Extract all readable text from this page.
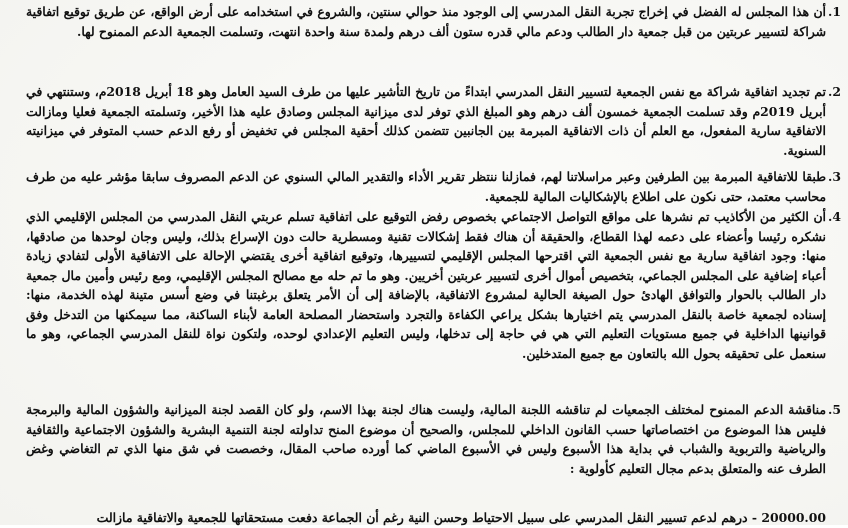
.1
أن هذا المجلس له الفضل في إخراج تجربة النقل المدرسي إلى الوجود منذ حوالي سنتين، والشروع في استخدامه على أرض الواقع، عن طريق توقيع اتفاقية شراكة لتسيير عربتين من قبل جمعية دار الطالب ودعم مالي قدره ستون ألف درهم ولمدة سنة واحدة انتهت، وتسلمت الجمعية الدعم الممنوح لها.
.2
تم تجديد اتفاقية شراكة مع نفس الجمعية لتسيير النقل المدرسي ابتداءً من تاريخ التأشير عليها من طرف السيد العامل وهو 18 أبريل 2018م، وستنتهي في أبريل 2019م وقد تسلمت الجمعية خمسون ألف درهم وهو المبلغ الذي توفر لدى ميزانية المجلس وصادق عليه هذا الأخير، وتسلمته الجمعية فعليا ومازالت الاتفاقية سارية المفعول، مع العلم أن ذات الاتفاقية المبرمة بين الجانبين تتضمن كذلك أحقية المجلس في تخفيض أو رفع الدعم حسب المتوفر في ميزانيته السنوية.
.3
طبقا للاتفاقية المبرمة بين الطرفين وعبر مراسلاتنا لهم، فمازلنا ننتظر تقرير الأداء والتقدير المالي السنوي عن الدعم المصروف سابقا مؤشر عليه من طرف محاسب معتمد، حتى نكون على اطلاع بالإشكاليات المالية للجمعية.
.4
أن الكثير من الأكاذيب تم نشرها على مواقع التواصل الاجتماعي بخصوص رفض التوقيع على اتفاقية تسلم عربتي النقل المدرسي من المجلس الإقليمي الذي نشكره رئيسا وأعضاء على دعمه لهذا القطاع، والحقيقة أن هناك فقط إشكالات تقنية ومسطرية حالت دون الإسراع بذلك، وليس وجان لوحدها من صادقها، منها: وجود اتفاقية سارية مع نفس الجمعية التي اقترحها المجلس الإقليمي لتسييرها، وتوقيع اتفاقية أخرى يقتضي الإحالة على الاتفاقية الأولى لتفادي زيادة أعباء إضافية على المجلس الجماعي، بتخصيص أموال أخرى لتسيير عربتين أخريين. وهو ما تم حله مع مصالح المجلس الإقليمي، ومع رئيس وأمين مال جمعية دار الطالب بالحوار والتوافق الهادئ حول الصيغة الحالية لمشروع الاتفاقية، بالإضافة إلى أن الأمر يتعلق برغبتنا في وضع أسس متينة لهذه الخدمة، منها: إسناده لجمعية خاصة بالنقل المدرسي يتم اختيارها بشكل يراعي الكفاءة والتجرد واستحضار المصلحة العامة لأبناء الساكنة، مما سيمكنها من التدخل وفق قوانينها الداخلية في جميع مستويات التعليم التي هي في حاجة إلى تدخلها، وليس التعليم الإعدادي لوحده، ولتكون نواة للنقل المدرسي الجماعي، وهو ما سنعمل على تحقيقه بحول الله بالتعاون مع جميع المتدخلين.
.5
مناقشة الدعم الممنوح لمختلف الجمعيات لم تناقشه اللجنة المالية، وليست هناك لجنة بهذا الاسم، ولو كان القصد لجنة الميزانية والشؤون المالية والبرمجة فليس هذا الموضوع من اختصاصاتها حسب القانون الداخلي للمجلس، والصحيح أن موضوع المنح تداولته لجنة التنمية البشرية والشؤون الاجتماعية والثقافية والرياضية والتربوية والشباب في بداية هذا الأسبوع وليس في الأسبوع الماضي كما أورده صاحب المقال، وخصصت في شق منها الذي تم التغاضي وغض الطرف عنه والمتعلق بدعم مجال التعليم كأولوية :
20000.00 - درهم لدعم تسيير النقل المدرسي على سبيل الاحتياط وحسن النية رغم أن الجماعة دفعت مستحقاتها للجمعية والاتفاقية مازالت
